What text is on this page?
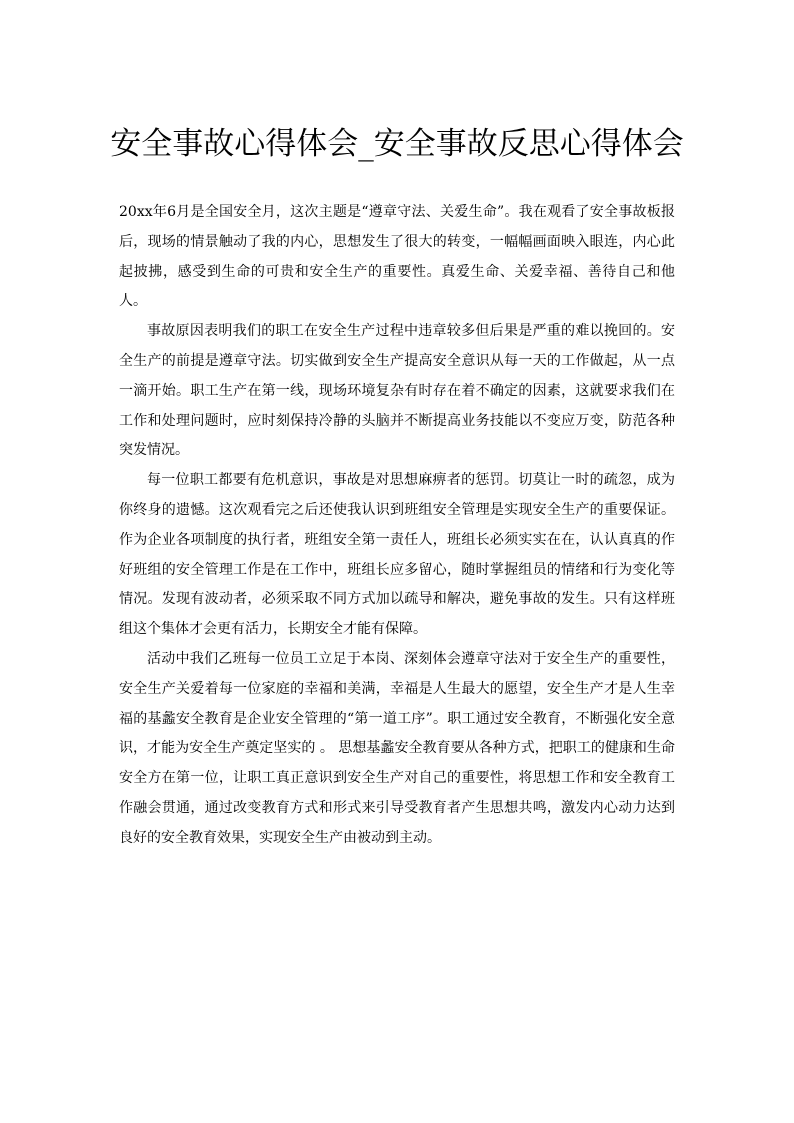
安全事故心得体会_安全事故反思心得体会

20xx年6月是全国安全月，这次主题是“遵章守法、关爱生命”。我在观看了安全事故板报后，现场的情景触动了我的内心，思想发生了很大的转变，一幅幅画面映入眼连，内心此起披拂，感受到生命的可贵和安全生产的重要性。真爱生命、关爱幸福、善待自己和他人。

事故原因表明我们的职工在安全生产过程中违章较多但后果是严重的难以挽回的。安全生产的前提是遵章守法。切实做到安全生产提高安全意识从每一天的工作做起，从一点一滴开始。职工生产在第一线，现场环境复杂有时存在着不确定的因素，这就要求我们在工作和处理问题时，应时刻保持冷静的头脑并不断提高业务技能以不变应万变，防范各种突发情况。

每一位职工都要有危机意识，事故是对思想麻痹者的惩罚。切莫让一时的疏忽，成为你终身的遗憾。这次观看完之后还使我认识到班组安全管理是实现安全生产的重要保证。作为企业各项制度的执行者，班组安全第一责任人，班组长必须实实在在，认认真真的作好班组的安全管理工作是在工作中，班组长应多留心，随时掌握组员的情绪和行为变化等情况。发现有波动者，必须采取不同方式加以疏导和解决，避免事故的发生。只有这样班组这个集体才会更有活力，长期安全才能有保障。

活动中我们乙班每一位员工立足于本岗、深刻体会遵章守法对于安全生产的重要性，安全生产关爱着每一位家庭的幸福和美满，幸福是人生最大的愿望，安全生产才是人生幸福的基蠡安全教育是企业安全管理的“第一道工序”。职工通过安全教育，不断强化安全意识，才能为安全生产奠定坚实的 。 思想基蠡安全教育要从各种方式，把职工的健康和生命安全方在第一位，让职工真正意识到安全生产对自己的重要性，将思想工作和安全教育工作融会贯通，通过改变教育方式和形式来引导受教育者产生思想共鸣，激发内心动力达到良好的安全教育效果，实现安全生产由被动到主动。
